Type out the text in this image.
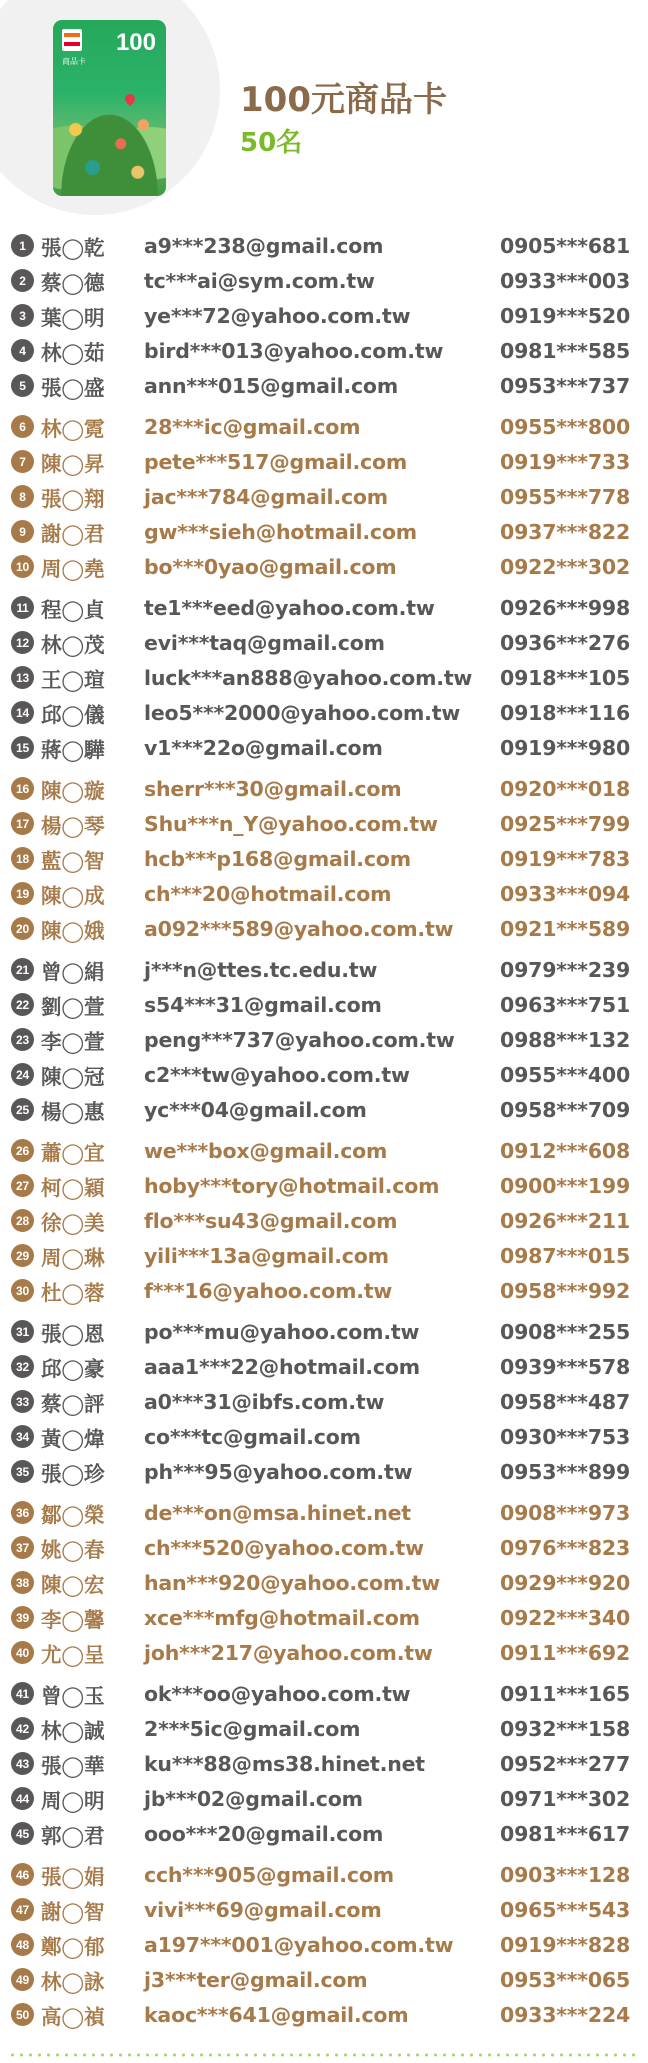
100
商品卡
100元商品卡
50名
1 張◯乾 a9***238@gmail.com	0905***681
2 蔡◯德 tc***ai@sym.com.tw	0933***003
3 葉◯明 ye***72@yahoo.com.tw	0919***520
4 林◯茹 bird***013@yahoo.com.tw	0981***585
5 張◯盛 ann***015@gmail.com	0953***737
6 林◯霓 28***ic@gmail.com	0955***800
7 陳◯昇 pete***517@gmail.com	0919***733
8 張◯翔 jac***784@gmail.com	0955***778
9 謝◯君 gw***sieh@hotmail.com	0937***822
10 周◯堯 bo***0yao@gmail.com	0922***302
11 程◯貞 te1***eed@yahoo.com.tw	0926***998
12 林◯茂 evi***taq@gmail.com	0936***276
13 王◯瑄 luck***an888@yahoo.com.tw 0918***105
14 邱◯儀 leo5***2000@yahoo.com.tw 0918***116
15 蔣◯驊 v1***22o@gmail.com	0919***980
16 陳◯璇 sherr***30@gmail.com	0920***018
17 楊◯琴 Shu***n_Y@yahoo.com.tw	0925***799
18 藍◯智 hcb***p168@gmail.com	0919***783
19 陳◯成 ch***20@hotmail.com	0933***094
20 陳◯娥 a092***589@yahoo.com.tw 0921***589
21 曾◯絹 j***n@ttes.tc.edu.tw	0979***239
22 劉◯萱 s54***31@gmail.com	0963***751
23 李◯萱 peng***737@yahoo.com.tw 0988***132
24 陳◯冠 c2***tw@yahoo.com.tw	0955***400
25 楊◯惠 yc***04@gmail.com	0958***709
26 蕭◯宜 we***box@gmail.com	0912***608
27 柯◯穎 hoby***tory@hotmail.com	0900***199
28 徐◯美 flo***su43@gmail.com	0926***211
29 周◯琳 yili***13a@gmail.com	0987***015
30 杜◯蓉 f***16@yahoo.com.tw	0958***992
31 張◯恩 po***mu@yahoo.com.tw	0908***255
32 邱◯豪 aaa1***22@hotmail.com	0939***578
33 蔡◯評 a0***31@ibfs.com.tw	0958***487
34 黃◯煒 co***tc@gmail.com	0930***753
35 張◯珍 ph***95@yahoo.com.tw	0953***899
36 鄒◯榮 de***on@msa.hinet.net	0908***973
37 姚◯春 ch***520@yahoo.com.tw	0976***823
38 陳◯宏 han***920@yahoo.com.tw	0929***920
39 李◯馨 xce***mfg@hotmail.com	0922***340
40 尤◯呈 joh***217@yahoo.com.tw	0911***692
41 曾◯玉 ok***oo@yahoo.com.tw	0911***165
42 林◯誠 2***5ic@gmail.com	0932***158
43 張◯華 ku***88@ms38.hinet.net	0952***277
44 周◯明 jb***02@gmail.com	0971***302
45 郭◯君 ooo***20@gmail.com	0981***617
46 張◯娟 cch***905@gmail.com	0903***128
47 謝◯智 vivi***69@gmail.com	0965***543
48 鄭◯郁 a197***001@yahoo.com.tw 0919***828
49 林◯詠 j3***ter@gmail.com	0953***065
50 高◯禎 kaoc***641@gmail.com	0933***224
